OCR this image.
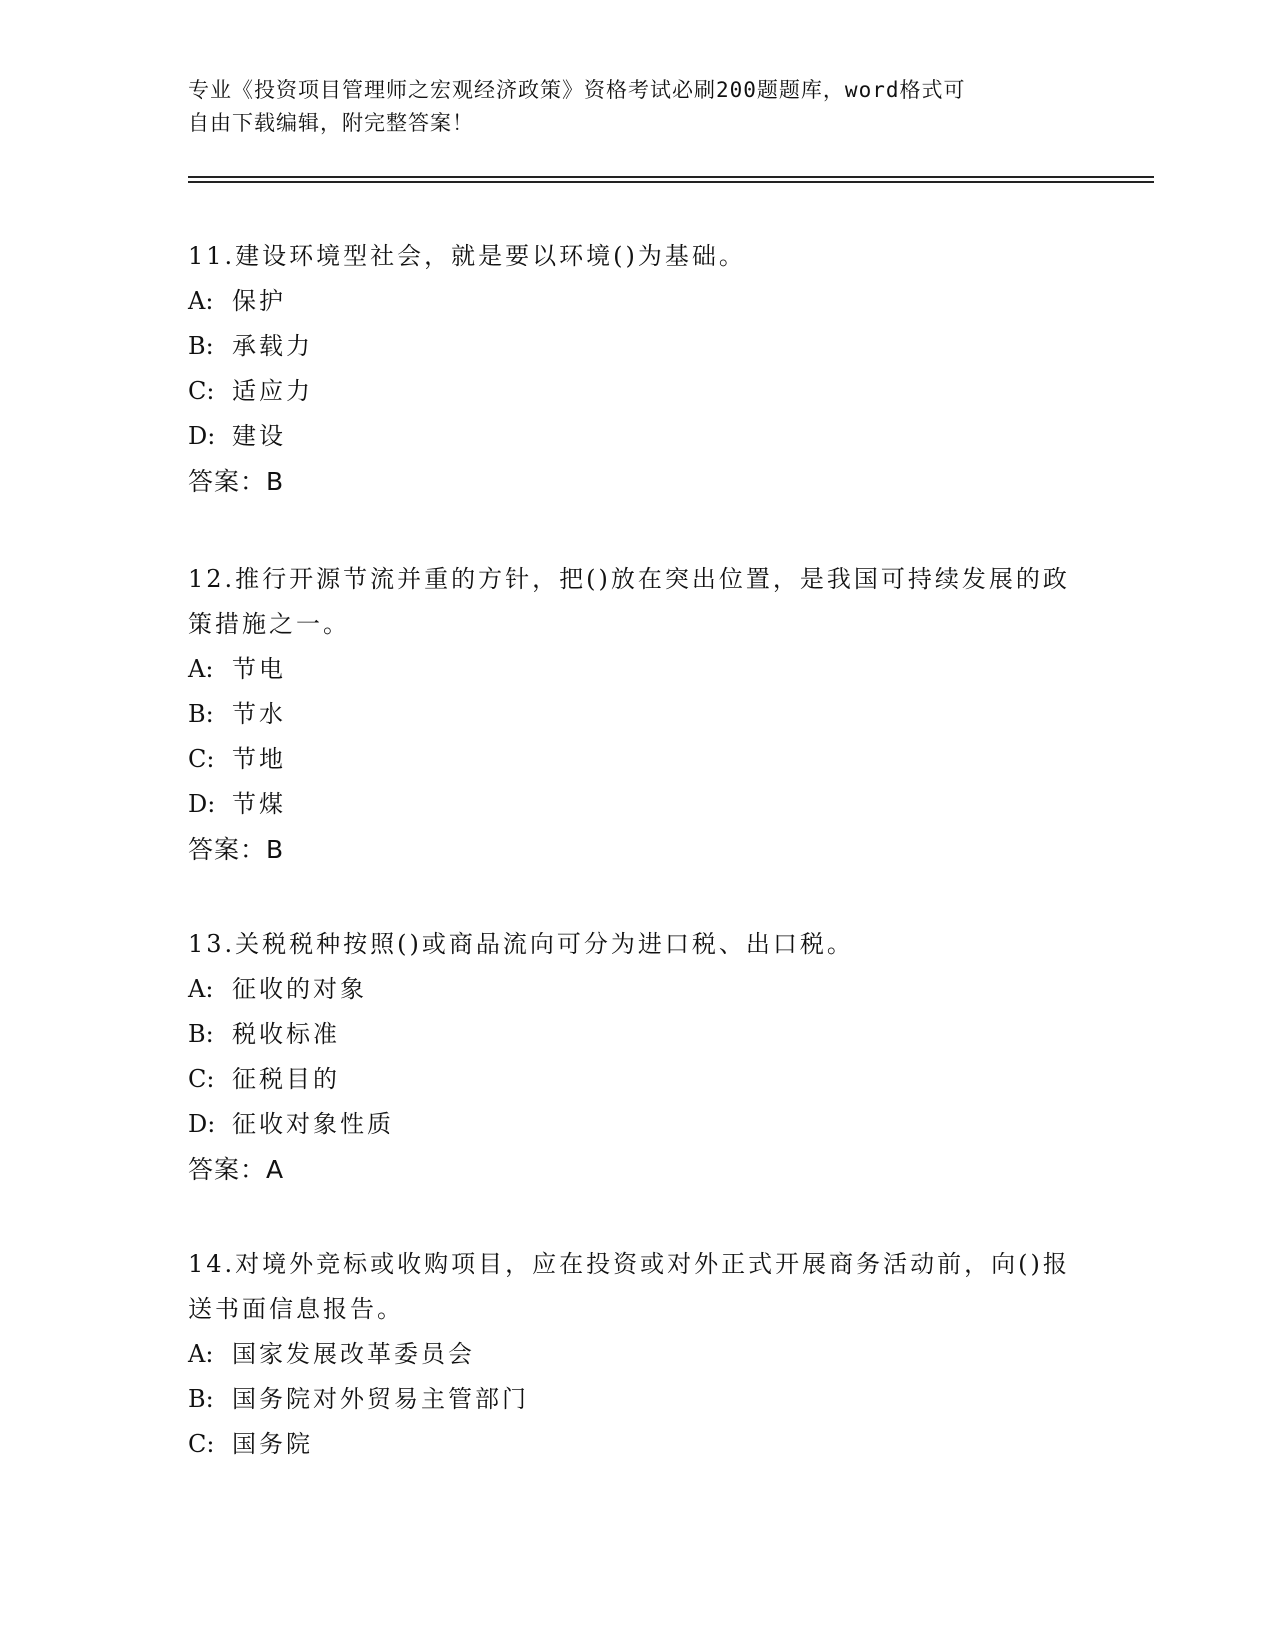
专业《投资项目管理师之宏观经济政策》资格考试必刷200题题库，word格式可
自由下载编辑，附完整答案！

11.建设环境型社会，就是要以环境()为基础。

A: 保护

B: 承载力

C: 适应力

D: 建设

答案：B

12.推行开源节流并重的方针，把()放在突出位置，是我国可持续发展的政策措施之一。

A: 节电

B: 节水

C: 节地

D: 节煤

答案：B

13.关税税种按照()或商品流向可分为进口税、出口税。

A: 征收的对象

B: 税收标准

C: 征税目的

D: 征收对象性质

答案：A

14.对境外竞标或收购项目，应在投资或对外正式开展商务活动前，向()报送书面信息报告。

A: 国家发展改革委员会

B: 国务院对外贸易主管部门

C: 国务院
